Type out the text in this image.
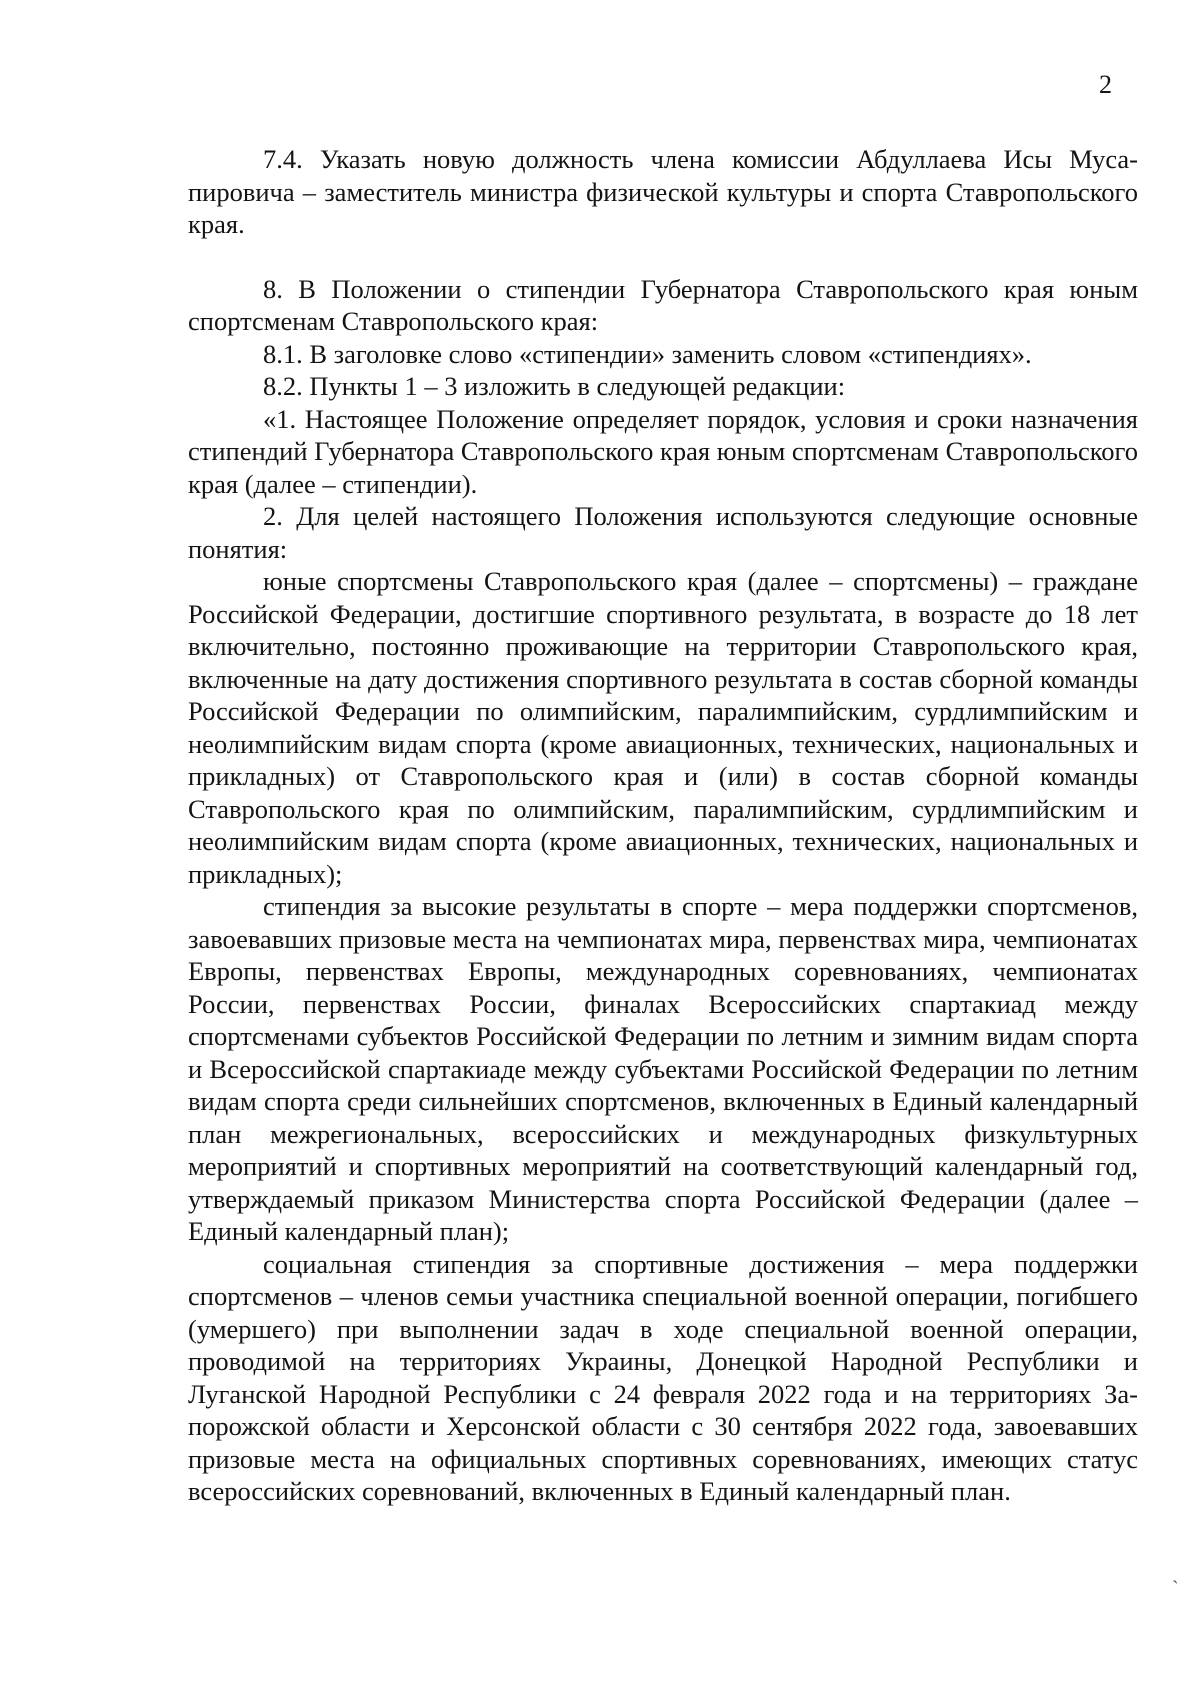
2

7.4. Указать новую должность члена комиссии Абдуллаева Исы Мусапировича – заместитель министра физической культуры и спорта Ставропольского края.

8. В Положении о стипендии Губернатора Ставропольского края юным спортсменам Ставропольского края:

8.1. В заголовке слово «стипендии» заменить словом «стипендиях».

8.2. Пункты 1 – 3 изложить в следующей редакции:

«1. Настоящее Положение определяет порядок, условия и сроки назначения стипендий Губернатора Ставропольского края юным спортсменам Ставропольского края (далее – стипендии).

2. Для целей настоящего Положения используются следующие основные понятия:

юные спортсмены Ставропольского края (далее – спортсмены) – граждане Российской Федерации, достигшие спортивного результата, в возрасте до 18 лет включительно, постоянно проживающие на территории Ставропольского края, включенные на дату достижения спортивного результата в состав сборной команды Российской Федерации по олимпийским, паралимпийским, сурдлимпийским и неолимпийским видам спорта (кроме авиационных, технических, национальных и прикладных) от Ставропольского края и (или) в состав сборной команды Ставропольского края по олимпийским, паралимпийским, сурдлимпийским и неолимпийским видам спорта (кроме авиационных, технических, национальных и прикладных);

стипендия за высокие результаты в спорте – мера поддержки спортсменов, завоевавших призовые места на чемпионатах мира, первенствах мира, чемпионатах Европы, первенствах Европы, международных соревнованиях, чемпионатах России, первенствах России, финалах Всероссийских спартакиад между спортсменами субъектов Российской Федерации по летним и зимним видам спорта и Всероссийской спартакиаде между субъектами Российской Федерации по летним видам спорта среди сильнейших спортсменов, включенных в Единый календарный план межрегиональных, всероссийских и международных физкультурных мероприятий и спортивных мероприятий на соответствующий календарный год, утверждаемый приказом Министерства спорта Российской Федерации (далее – Единый календарный план);

социальная стипендия за спортивные достижения – мера поддержки спортсменов – членов семьи участника специальной военной операции, погибшего (умершего) при выполнении задач в ходе специальной военной операции, проводимой на территориях Украины, Донецкой Народной Республики и Луганской Народной Республики с 24 февраля 2022 года и на территориях Запорожской области и Херсонской области с 30 сентября 2022 года, завоевавших призовые места на официальных спортивных соревнованиях, имеющих статус всероссийских соревнований, включенных в Единый календарный план.

ˏ
